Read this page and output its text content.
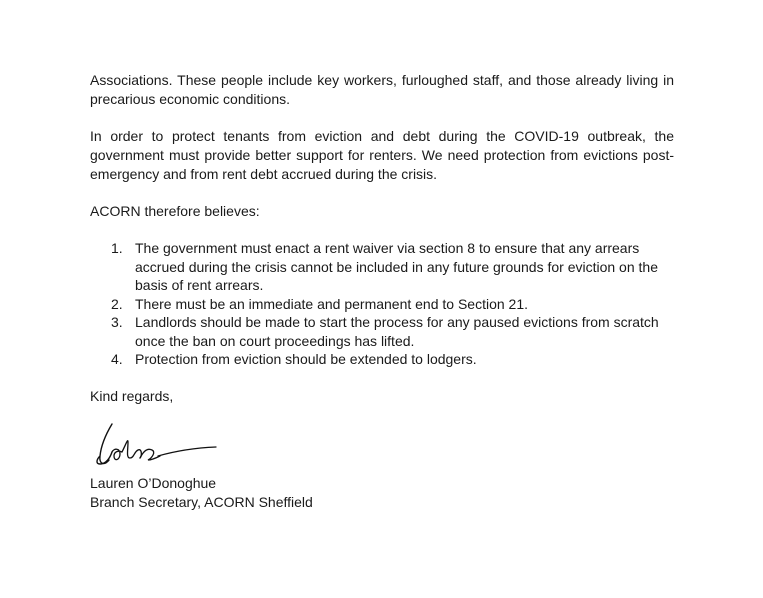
Associations. These people include key workers, furloughed staff, and those already living in precarious economic conditions.

In order to protect tenants from eviction and debt during the COVID-19 outbreak, the government must provide better support for renters. We need protection from evictions post-emergency and from rent debt accrued during the crisis.

ACORN therefore believes:

1. The government must enact a rent waiver via section 8 to ensure that any arrears accrued during the crisis cannot be included in any future grounds for eviction on the basis of rent arrears.
2. There must be an immediate and permanent end to Section 21.
3. Landlords should be made to start the process for any paused evictions from scratch once the ban on court proceedings has lifted.
4. Protection from eviction should be extended to lodgers.

Kind regards,

Lauren O’Donoghue
Branch Secretary, ACORN Sheffield
